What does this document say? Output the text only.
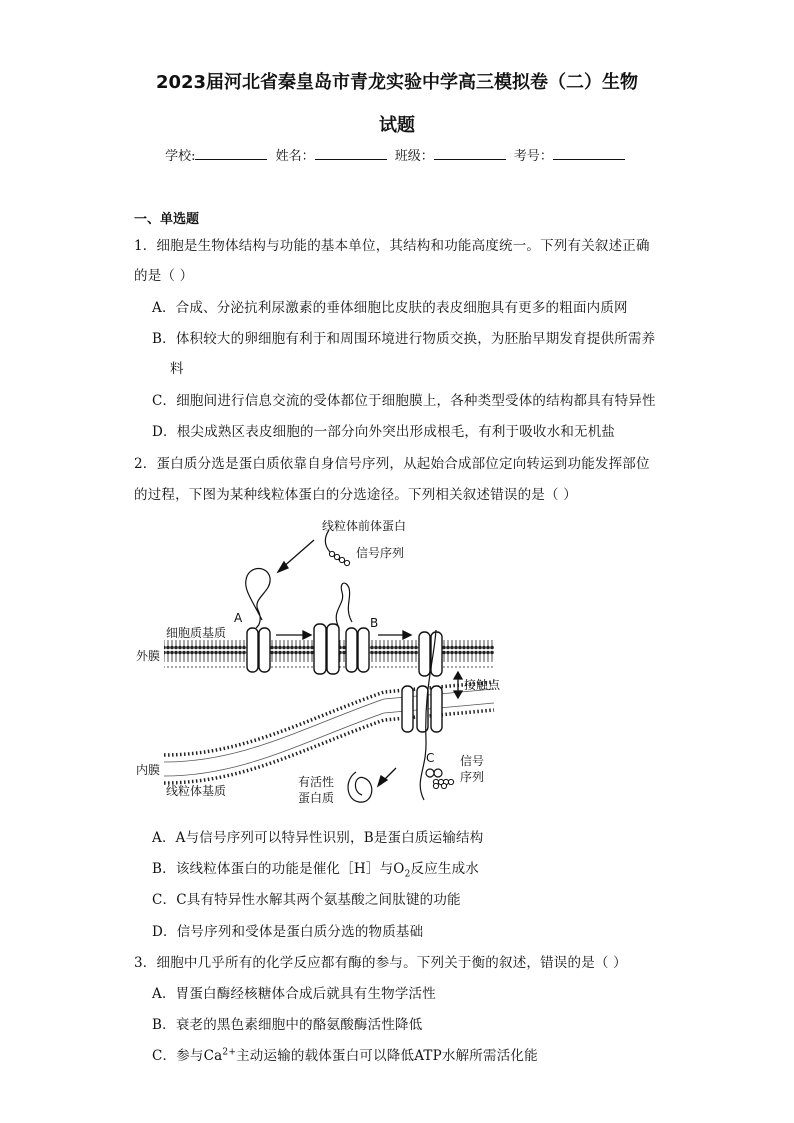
2023届河北省秦皇岛市青龙实验中学高三模拟卷（二）生物
试题
学校:	姓名：	班级：	考号：
一、单选题
1．细胞是生物体结构与功能的基本单位，其结构和功能高度统一。下列有关叙述正确
的是（ ）
A．合成、分泌抗利尿激素的垂体细胞比皮肤的表皮细胞具有更多的粗面内质网
B．体积较大的卵细胞有利于和周围环境进行物质交换，为胚胎早期发育提供所需养
料
C．细胞间进行信息交流的受体都位于细胞膜上，各种类型受体的结构都具有特异性
D．根尖成熟区表皮细胞的一部分向外突出形成根毛，有利于吸收水和无机盐
2．蛋白质分选是蛋白质依靠自身信号序列，从起始合成部位定向转运到功能发挥部位
的过程，下图为某种线粒体蛋白的分选途径。下列相关叙述错误的是（ ）
线粒体前体蛋白
信号序列
A	B
细胞质基质
外膜
接触点
C 信号
序列
内膜
有活性
蛋白质
线粒体基质
A．A与信号序列可以特异性识别，B是蛋白质运输结构
B．该线粒体蛋白的功能是催化［H］与$O_2$反应生成水
C．C具有特异性水解其两个氨基酸之间肽键的功能
D．信号序列和受体是蛋白质分选的物质基础
3．细胞中几乎所有的化学反应都有酶的参与。下列关于衡的叙述，错误的是（ ）
A．胃蛋白酶经核糖体合成后就具有生物学活性
B．衰老的黑色素细胞中的酪氨酸酶活性降低
C．参与$Ca^{2+}$主动运输的载体蛋白可以降低ATP水解所需活化能
